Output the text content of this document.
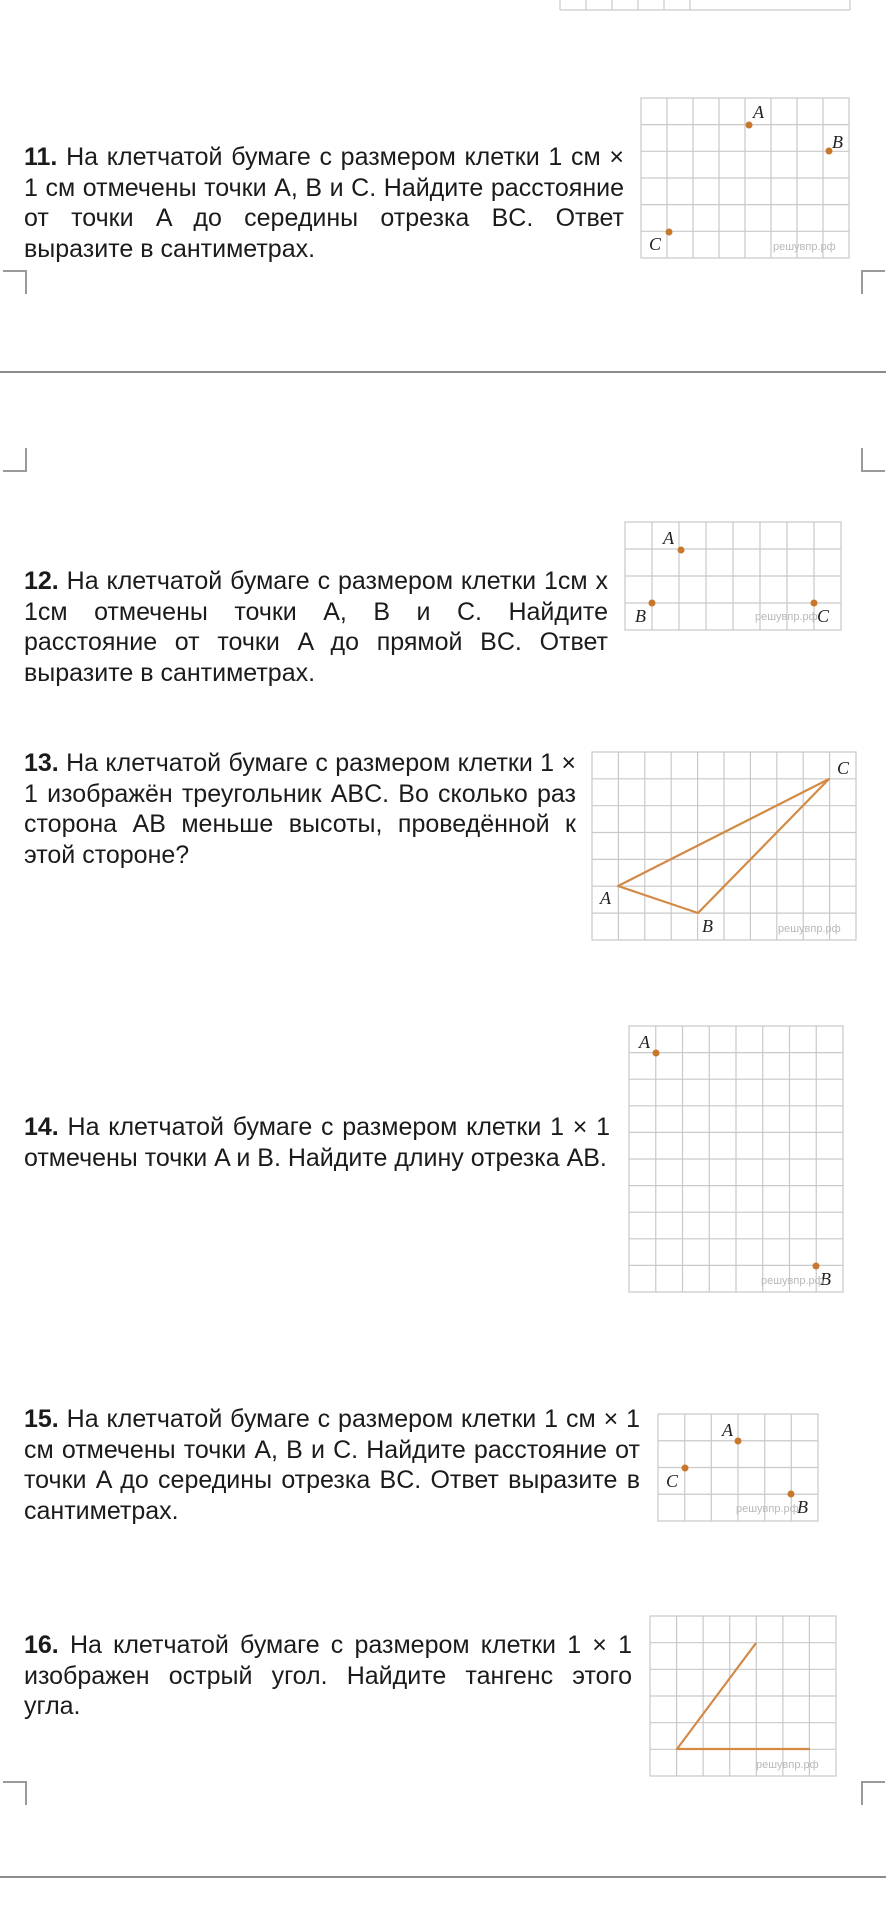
11. На клетчатой бумаге с размером клетки 1 см × 1 см отмечены точки A, B и C. Найдите расстояние от точки A до середины отрезка BC. Ответ выразите в сантиметрах.
A
B
C	решувпр.рф
12. На клетчатой бумаге с размером клетки 1см х 1см отмечены точки A, B и C. Найдите расстояние от точки A до прямой BC. Ответ выразите в сантиметрах.
A
B	C
решувпр.рф
13. На клетчатой бумаге с размером клетки 1 × 1 изображён треугольник ABC. Во сколько раз сторона AB меньше высоты, проведённой к этой стороне?
A
B
C
решувпр.рф
14. На клетчатой бумаге с размером клетки 1 × 1 отмечены точки A и B. Найдите длину отрезка AB.
A
B
решувпр.рф
15. На клетчатой бумаге с размером клетки 1 см × 1 см отмечены точки A, B и C. Найдите расстояние от точки A до середины отрезка BC. Ответ выразите в сантиметрах.
A
B
C
решувпр.рф
16. На клетчатой бумаге с размером клетки 1 × 1 изображен острый угол. Найдите тангенс этого угла.
решувпр.рф
